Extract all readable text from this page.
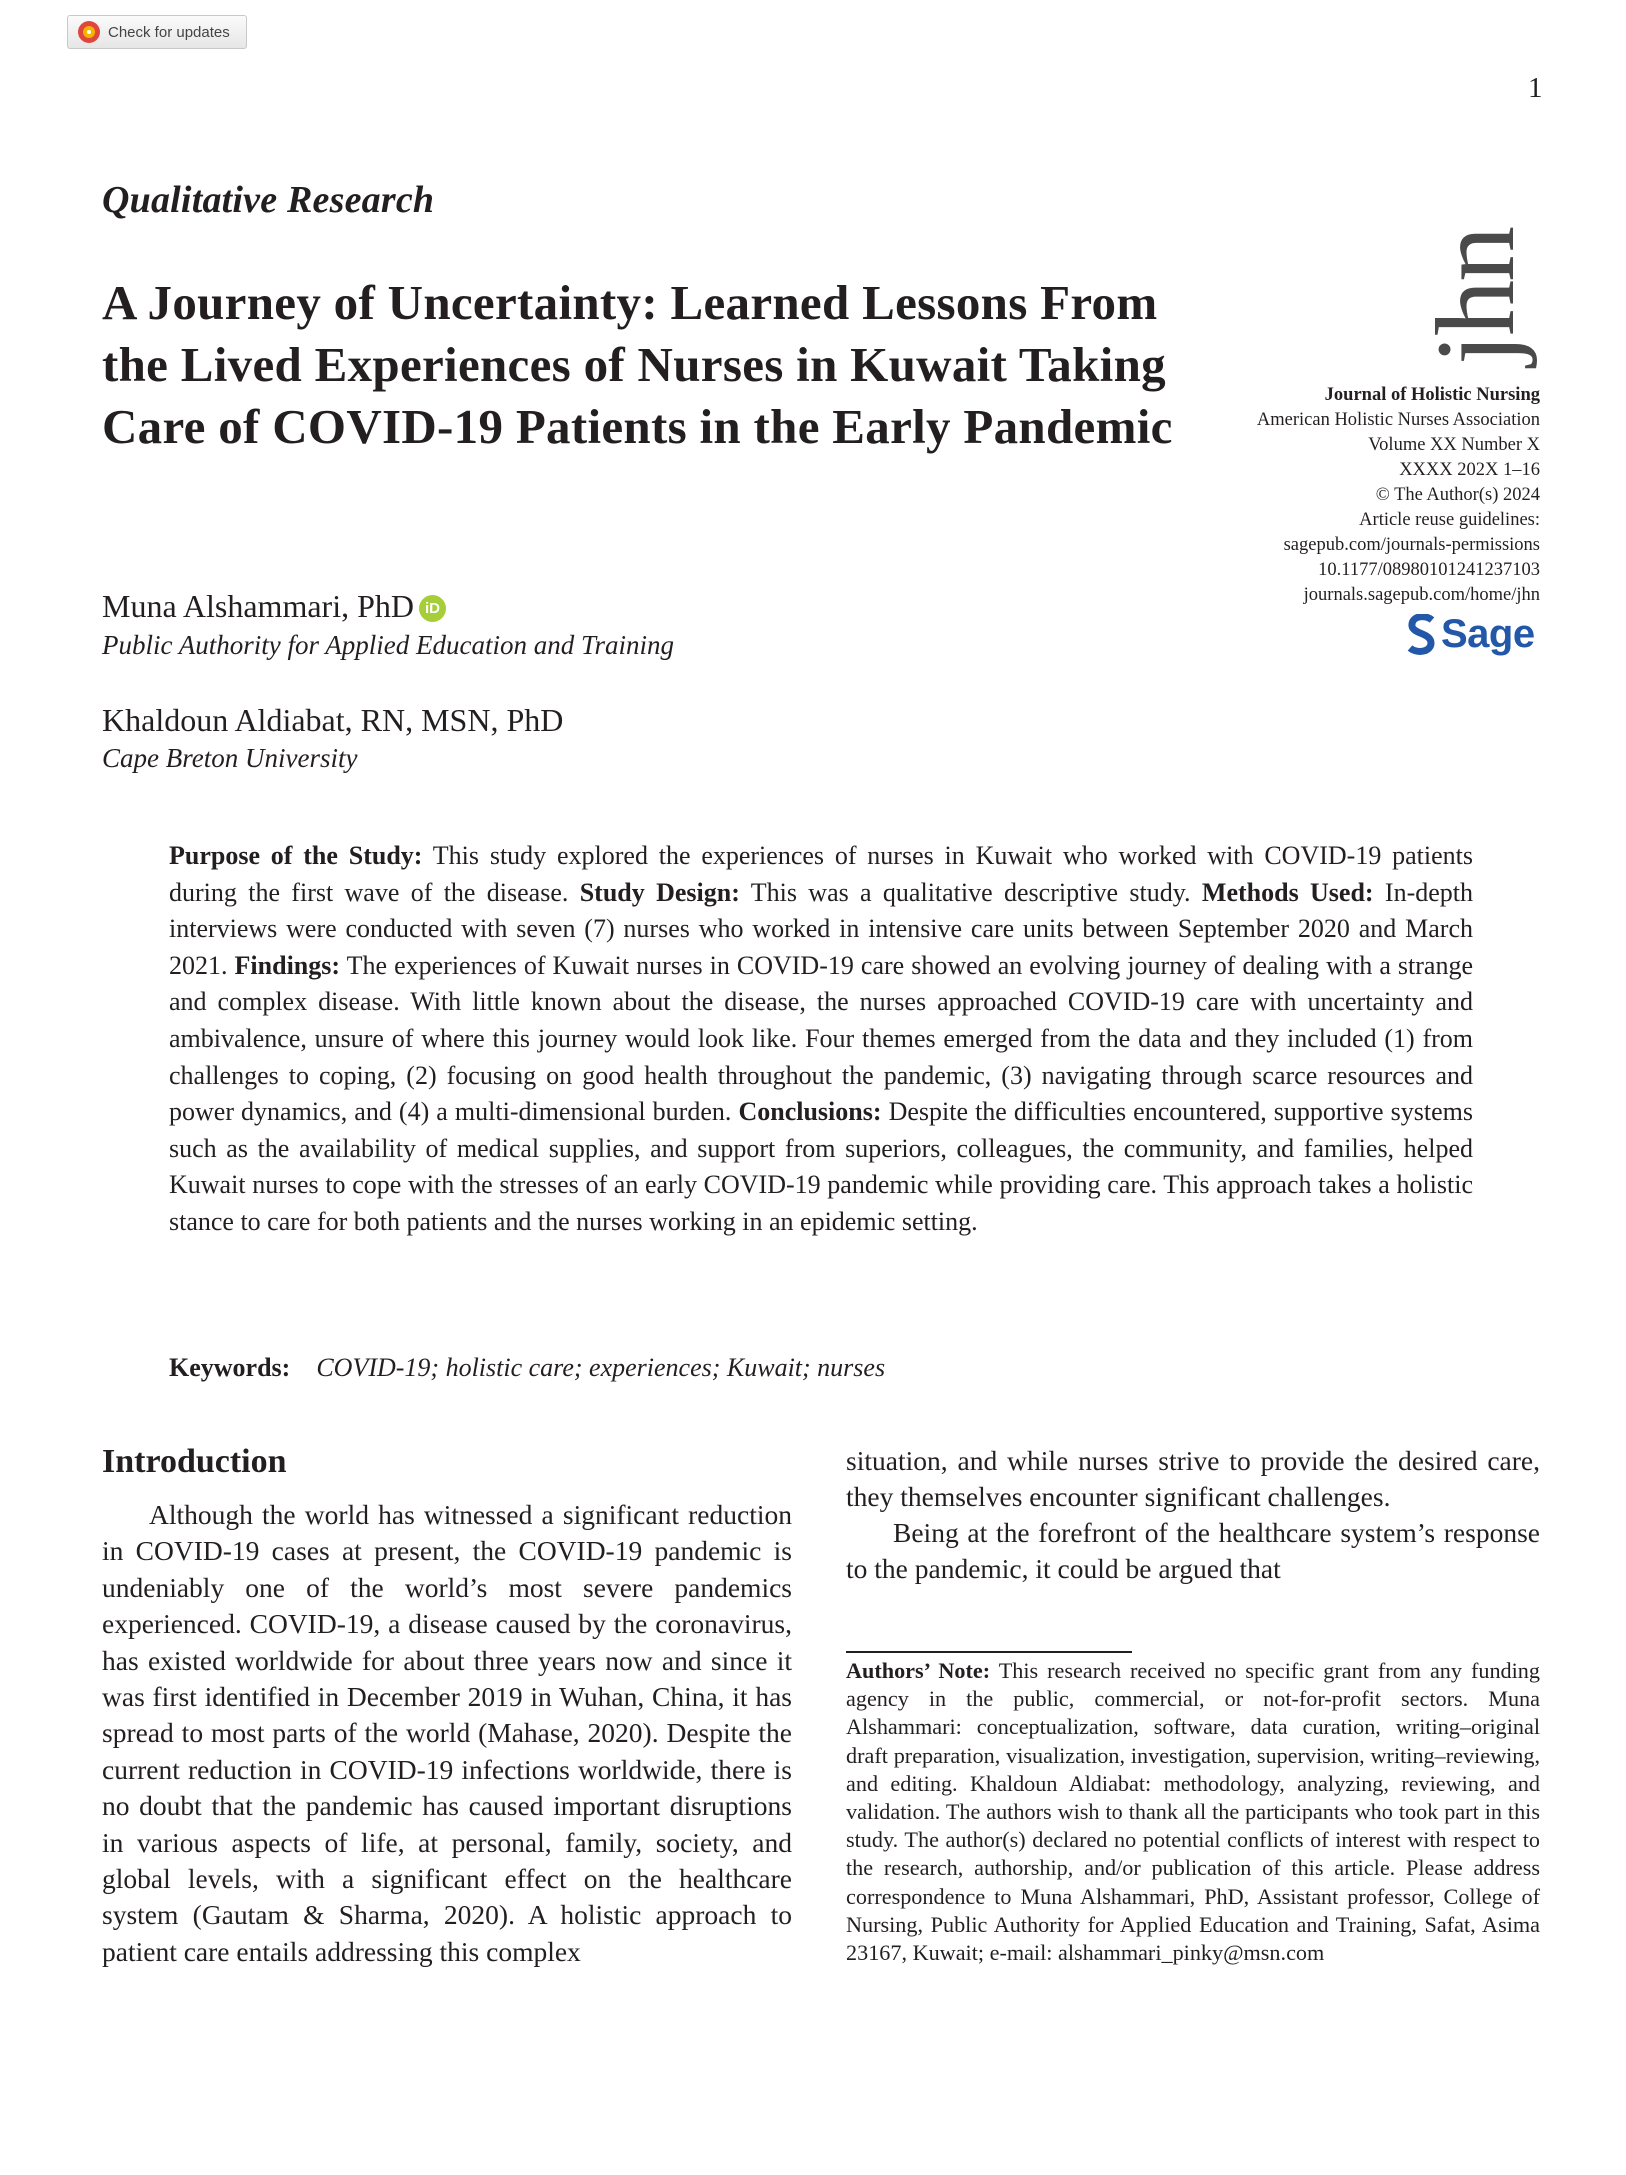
Check for updates
1
Qualitative Research
A Journey of Uncertainty: Learned Lessons From the Lived Experiences of Nurses in Kuwait Taking Care of COVID-19 Patients in the Early Pandemic
jhn
Journal of Holistic Nursing
American Holistic Nurses Association
Volume XX Number X
XXXX 202X 1–16
© The Author(s) 2024
Article reuse guidelines:
sagepub.com/journals-permissions
10.1177/08980101241237103
journals.sagepub.com/home/jhn
Sage
Muna Alshammari, PhD iD
Public Authority for Applied Education and Training
Khaldoun Aldiabat, RN, MSN, PhD
Cape Breton University

Purpose of the Study: This study explored the experiences of nurses in Kuwait who worked with COVID-19 patients during the first wave of the disease. Study Design: This was a qualitative descriptive study. Methods Used: In-depth interviews were conducted with seven (7) nurses who worked in intensive care units between September 2020 and March 2021. Findings: The experiences of Kuwait nurses in COVID-19 care showed an evolving journey of dealing with a strange and complex disease. With little known about the disease, the nurses approached COVID-19 care with uncertainty and ambivalence, unsure of where this journey would look like. Four themes emerged from the data and they included (1) from challenges to coping, (2) focusing on good health throughout the pandemic, (3) navigating through scarce resources and power dynamics, and (4) a multi-dimensional burden. Conclusions: Despite the difficulties encountered, supportive systems such as the availability of medical supplies, and support from superiors, colleagues, the community, and families, helped Kuwait nurses to cope with the stresses of an early COVID-19 pandemic while providing care. This approach takes a holistic stance to care for both patients and the nurses working in an epidemic setting.

Keywords: COVID-19; holistic care; experiences; Kuwait; nurses
Introduction

Although the world has witnessed a significant reduction in COVID-19 cases at present, the COVID-19 pandemic is undeniably one of the world’s most severe pandemics experienced. COVID-19, a disease caused by the coronavirus, has existed worldwide for about three years now and since it was first identified in December 2019 in Wuhan, China, it has spread to most parts of the world (Mahase, 2020). Despite the current reduction in COVID-19 infections worldwide, there is no doubt that the pandemic has caused important disruptions in various aspects of life, at personal, family, society, and global levels, with a significant effect on the healthcare system (Gautam & Sharma, 2020). A holistic approach to patient care entails addressing this complex

situation, and while nurses strive to provide the desired care, they themselves encounter significant challenges.

Being at the forefront of the healthcare system’s response to the pandemic, it could be argued that

Authors’ Note: This research received no specific grant from any funding agency in the public, commercial, or not-for-profit sectors. Muna Alshammari: conceptualization, software, data curation, writing–original draft preparation, visualization, investigation, supervision, writing–reviewing, and editing. Khaldoun Aldiabat: methodology, analyzing, reviewing, and validation. The authors wish to thank all the participants who took part in this study. The author(s) declared no potential conflicts of interest with respect to the research, authorship, and/or publication of this article. Please address correspondence to Muna Alshammari, PhD, Assistant professor, College of Nursing, Public Authority for Applied Education and Training, Safat, Asima 23167, Kuwait; e-mail: alshammari_pinky@msn.com
